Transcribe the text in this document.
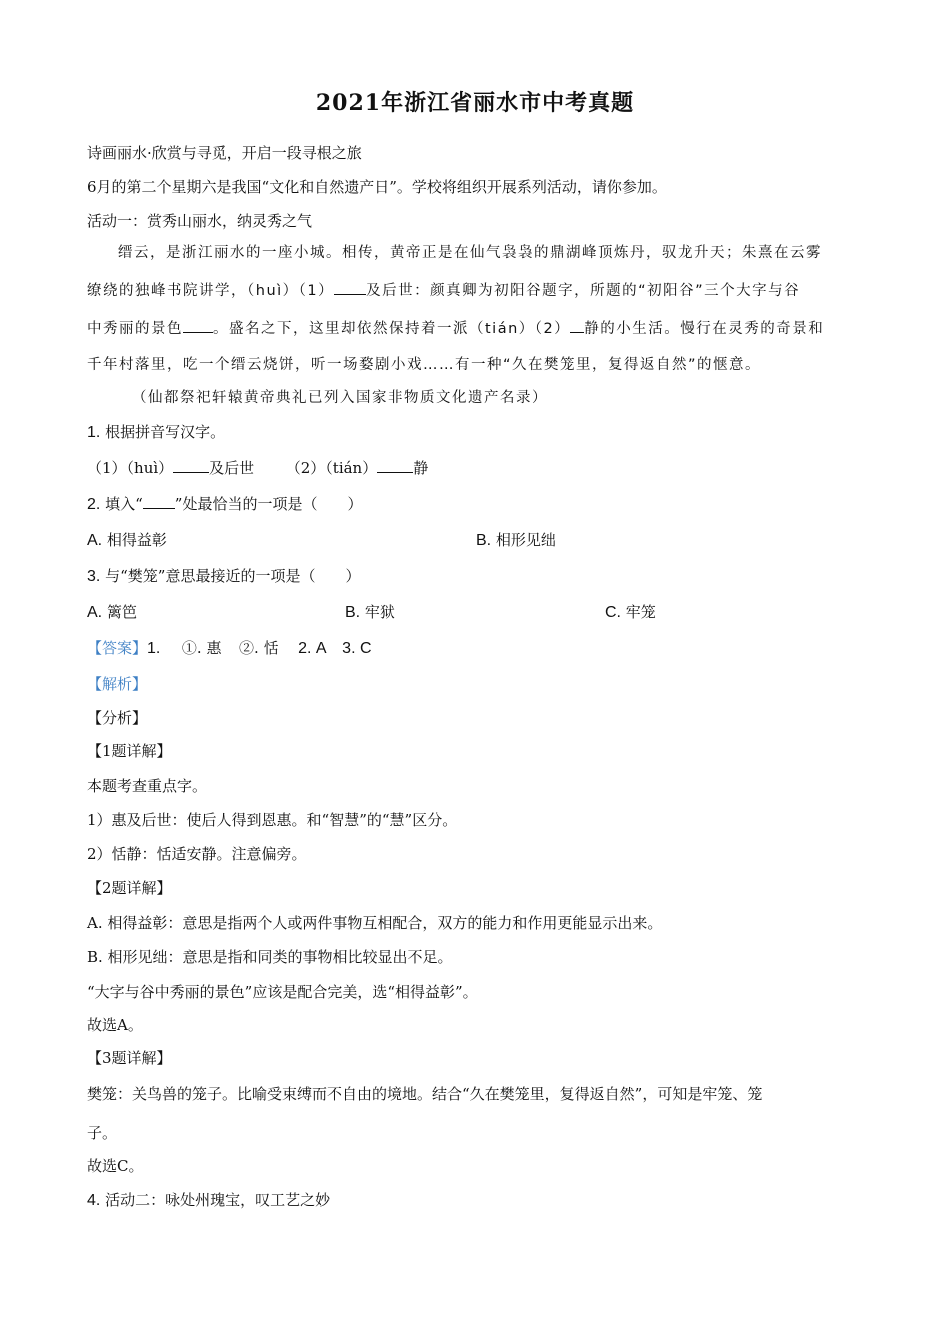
2021年浙江省丽水市中考真题
诗画丽水·欣赏与寻觅，开启一段寻根之旅
6月的第二个星期六是我国“文化和自然遗产日”。学校将组织开展系列活动，请你参加。
活动一：赏秀山丽水，纳灵秀之气
缙云，是浙江丽水的一座小城。相传，黄帝正是在仙气袅袅的鼎湖峰顶炼丹，驭龙升天；朱熹在云雾
缭绕的独峰书院讲学，（huì）（1） 及后世：颜真卿为初阳谷题字，所题的“初阳谷”三个大字与谷
中秀丽的景色 。盛名之下，这里却依然保持着一派（tián）（2） 静的小生活。慢行在灵秀的奇景和
千年村落里，吃一个缙云烧饼，听一场婺剧小戏……有一种“久在樊笼里，复得返自然”的惬意。
（仙都祭祀轩辕黄帝典礼已列入国家非物质文化遗产名录）
1. 根据拼音写汉字。
（1）（huì） 及后世 （2）（tián） 静
2. 填入“ ”处最恰当的一项是（　　）
A. 相得益彰	B. 相形见绌
3. 与“樊笼”意思最接近的一项是（　　）
A. 篱笆	B. 牢狱	C. 牢笼
【答案】1. ①. 惠 ②. 恬 2. A 3. C
【解析】
【分析】
【1题详解】
本题考查重点字。
1）惠及后世：使后人得到恩惠。和“智慧”的“慧”区分。
2）恬静：恬适安静。注意偏旁。
【2题详解】
A. 相得益彰：意思是指两个人或两件事物互相配合，双方的能力和作用更能显示出来。
B. 相形见绌：意思是指和同类的事物相比较显出不足。
“大字与谷中秀丽的景色”应该是配合完美，选“相得益彰”。
故选A。
【3题详解】
樊笼：关鸟兽的笼子。比喻受束缚而不自由的境地。结合“久在樊笼里，复得返自然”，可知是牢笼、笼
子。
故选C。
4. 活动二：咏处州瑰宝，叹工艺之妙
